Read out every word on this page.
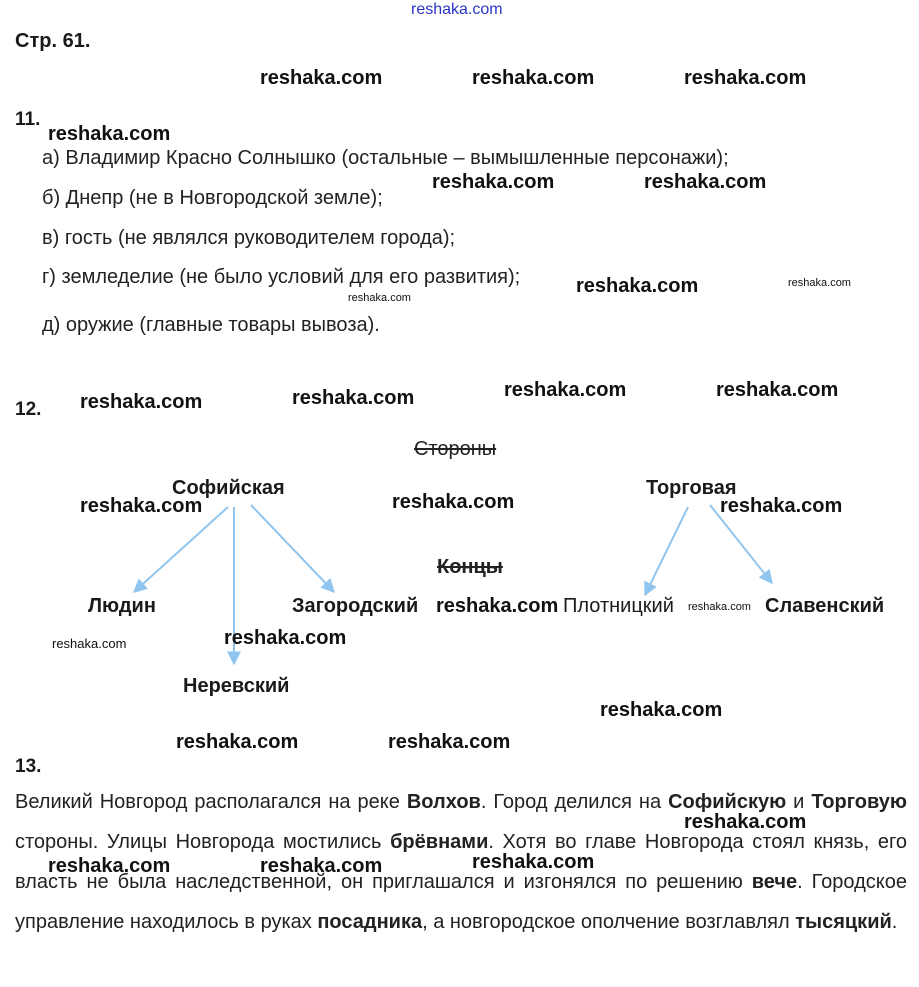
reshaka.com
Стр. 61.
11.
а) Владимир Красно Солнышко (остальные – вымышленные персонажи);
б) Днепр (не в Новгородской земле);
в) гость (не являлся руководителем города);
г) земледелие (не было условий для его развития);
д) оружие (главные товары вывоза).
12.
Стороны
Софийская	Торговая
Концы
Людин	Загородский	Плотницкий	Славенский
Неревский
13.
Великий Новгород располагался на реке Волхов. Город делился на Софийскую и Торговую стороны. Улицы Новгорода мостились брёвнами. Хотя во главе Новгорода стоял князь, его власть не была наследственной, он приглашался и изгонялся по решению вече. Городское управление находилось в руках посадника, а новгородское ополчение возглавлял тысяцкий.
reshaka.com	reshaka.com	reshaka.com
reshaka.com
reshaka.com	reshaka.com
reshaka.com	reshaka.com
reshaka.com
reshaka.com	reshaka.com
reshaka.com
reshaka.com
reshaka.com
reshaka.com	reshaka.com
reshaka.com	reshaka.com
reshaka.com
reshaka.com
reshaka.com
reshaka.com	reshaka.com
reshaka.com
reshaka.com
reshaka.com	reshaka.com
